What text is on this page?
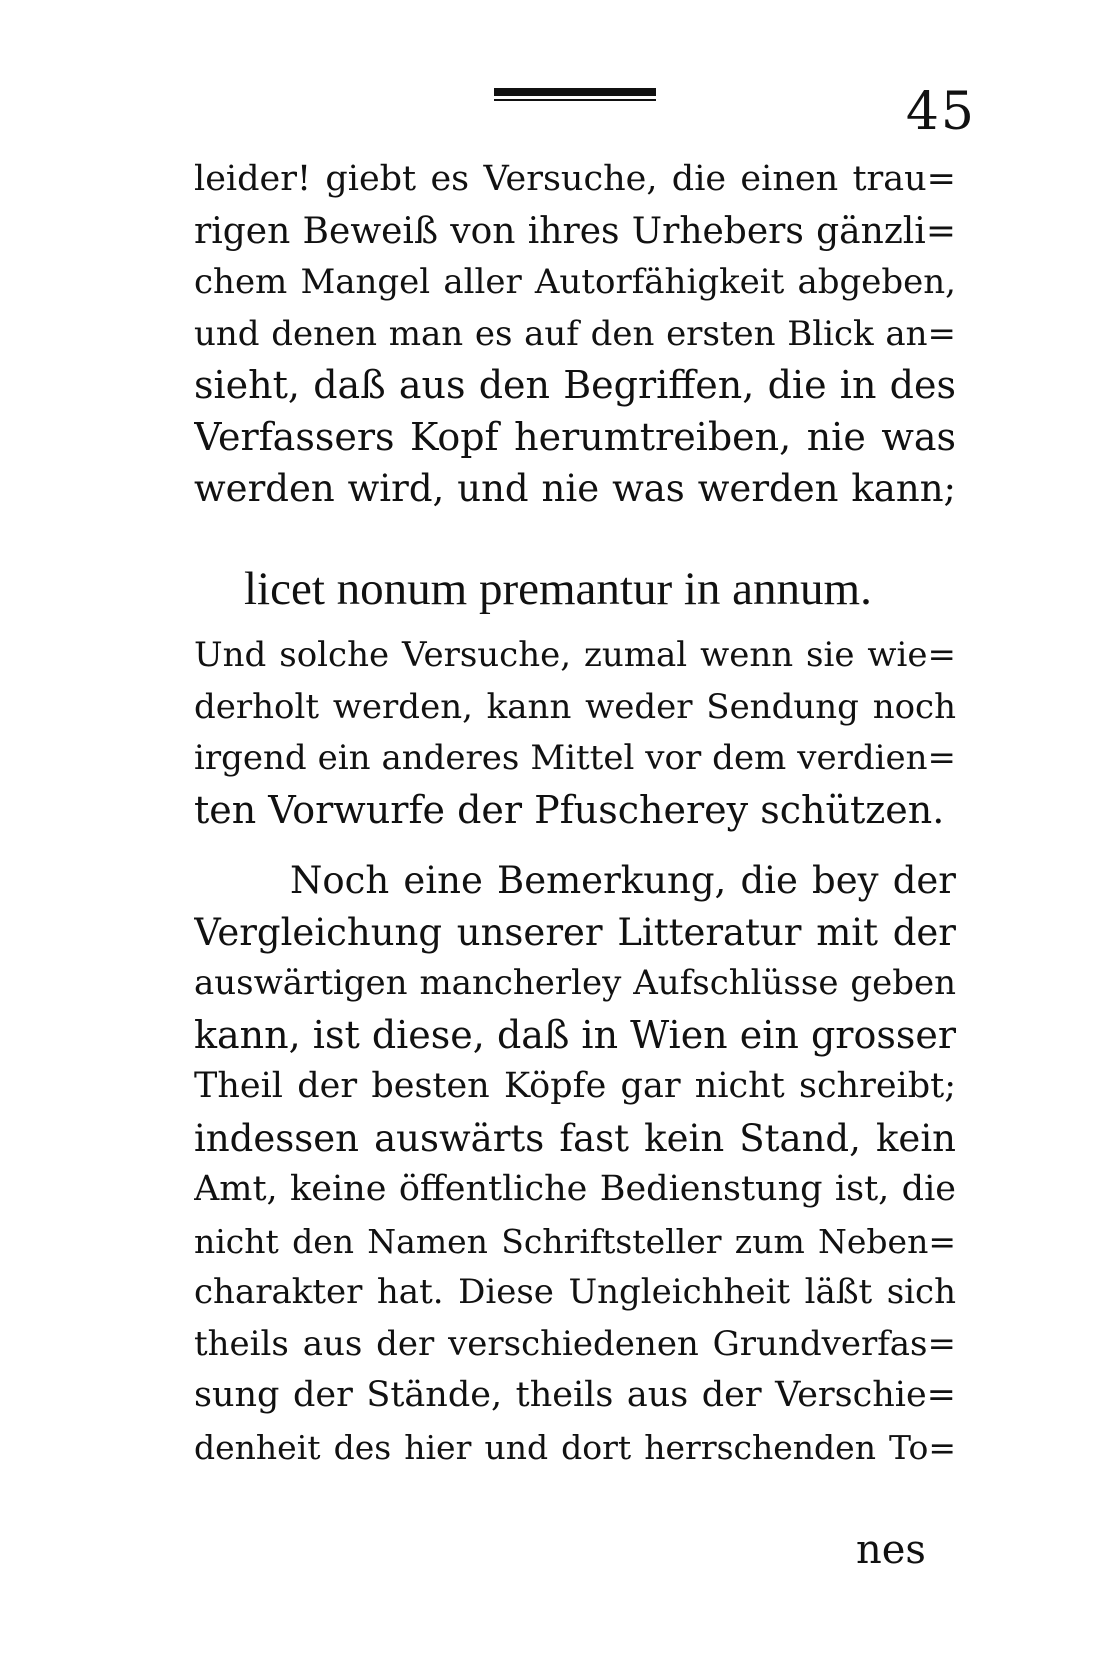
45
leider! giebt es Versuche, die einen trau=
rigen Beweiß von ihres Urhebers gänzli=
chem Mangel aller Autorfähigkeit abgeben,
und denen man es auf den ersten Blick an=
sieht, daß aus den Begriffen, die in des
Verfassers Kopf herumtreiben, nie was
werden wird, und nie was werden kann;
licet nonum premantur in annum.
Und solche Versuche, zumal wenn sie wie=
derholt werden, kann weder Sendung noch
irgend ein anderes Mittel vor dem verdien=
ten Vorwurfe der Pfuscherey schützen.
Noch eine Bemerkung, die bey der
Vergleichung unserer Litteratur mit der
auswärtigen mancherley Aufschlüsse geben
kann, ist diese, daß in Wien ein grosser
Theil der besten Köpfe gar nicht schreibt;
indessen auswärts fast kein Stand, kein
Amt, keine öffentliche Bedienstung ist, die
nicht den Namen Schriftsteller zum Neben=
charakter hat. Diese Ungleichheit läßt sich
theils aus der verschiedenen Grundverfas=
sung der Stände, theils aus der Verschie=
denheit des hier und dort herrschenden To=
nes
